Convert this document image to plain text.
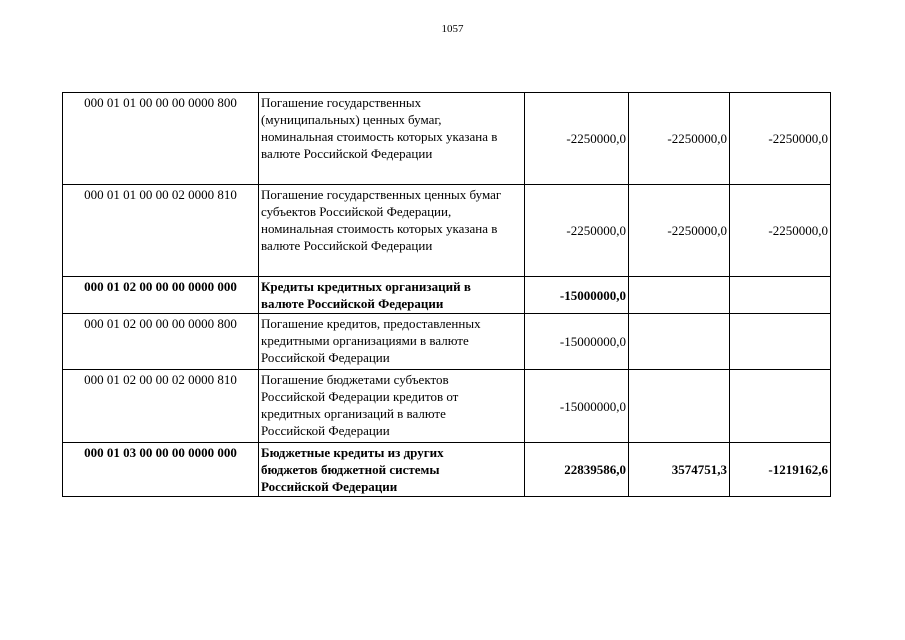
1057
000 01 01 00 00 00 0000 800	Погашение государственных
(муниципальных) ценных бумаг,
номинальная стоимость которых указана в
валюте Российской Федерации	-2250000,0	-2250000,0	-2250000,0
000 01 01 00 00 02 0000 810	Погашение государственных ценных бумаг
субъектов Российской Федерации,
номинальная стоимость которых указана в
валюте Российской Федерации	-2250000,0	-2250000,0	-2250000,0
000 01 02 00 00 00 0000 000	Кредиты кредитных организаций в
валюте Российской Федерации	-15000000,0		
000 01 02 00 00 00 0000 800	Погашение кредитов, предоставленных
кредитными организациями в валюте
Российской Федерации	-15000000,0		
000 01 02 00 00 02 0000 810	Погашение бюджетами субъектов
Российской Федерации кредитов от
кредитных организаций в валюте
Российской Федерации	-15000000,0		
000 01 03 00 00 00 0000 000	Бюджетные кредиты из других
бюджетов бюджетной системы
Российской Федерации	22839586,0	3574751,3	-1219162,6
